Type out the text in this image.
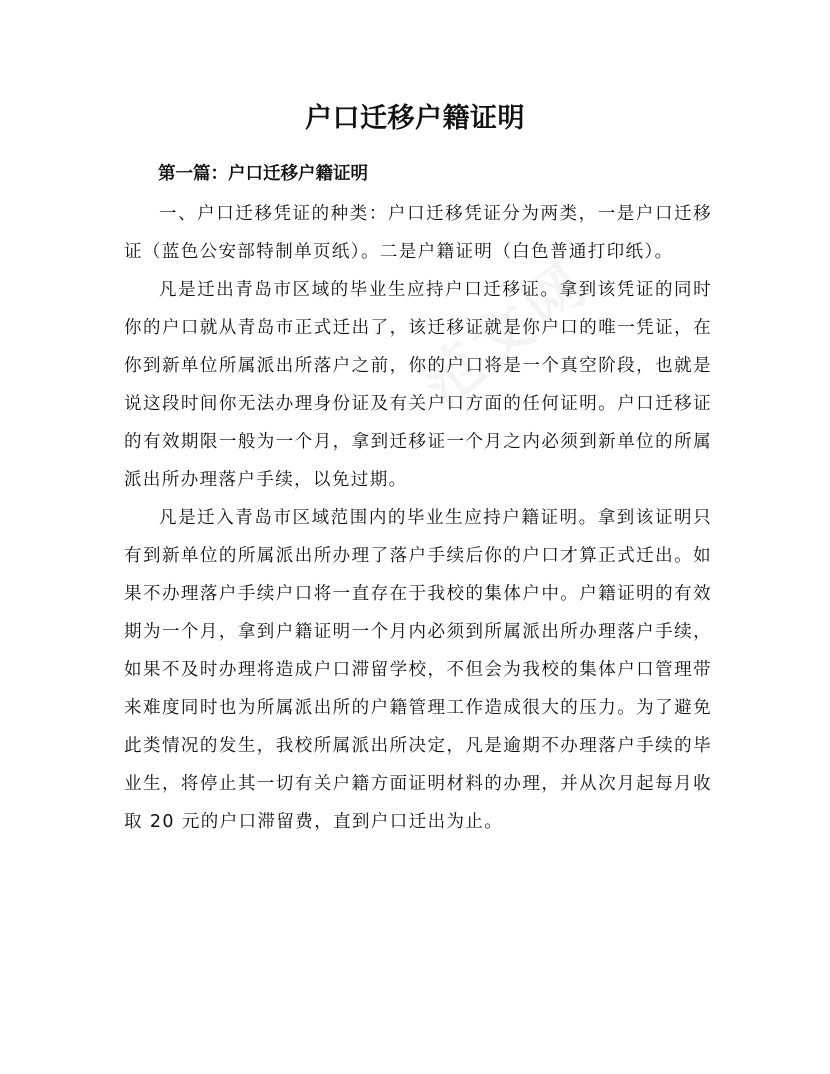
户口迁移户籍证明
第一篇：户口迁移户籍证明

一、户口迁移凭证的种类：户口迁移凭证分为两类，一是户口迁移证（蓝色公安部特制单页纸）。二是户籍证明（白色普通打印纸）。

凡是迁出青岛市区域的毕业生应持户口迁移证。拿到该凭证的同时你的户口就从青岛市正式迁出了，该迁移证就是你户口的唯一凭证，在你到新单位所属派出所落户之前，你的户口将是一个真空阶段，也就是说这段时间你无法办理身份证及有关户口方面的任何证明。户口迁移证的有效期限一般为一个月，拿到迁移证一个月之内必须到新单位的所属派出所办理落户手续，以免过期。

凡是迁入青岛市区域范围内的毕业生应持户籍证明。拿到该证明只有到新单位的所属派出所办理了落户手续后你的户口才算正式迁出。如果不办理落户手续户口将一直存在于我校的集体户中。户籍证明的有效期为一个月，拿到户籍证明一个月内必须到所属派出所办理落户手续，如果不及时办理将造成户口滞留学校，不但会为我校的集体户口管理带来难度同时也为所属派出所的户籍管理工作造成很大的压力。为了避免此类情况的发生，我校所属派出所决定，凡是逾期不办理落户手续的毕业生，将停止其一切有关户籍方面证明材料的办理，并从次月起每月收取 20 元的户口滞留费，直到户口迁出为止。
